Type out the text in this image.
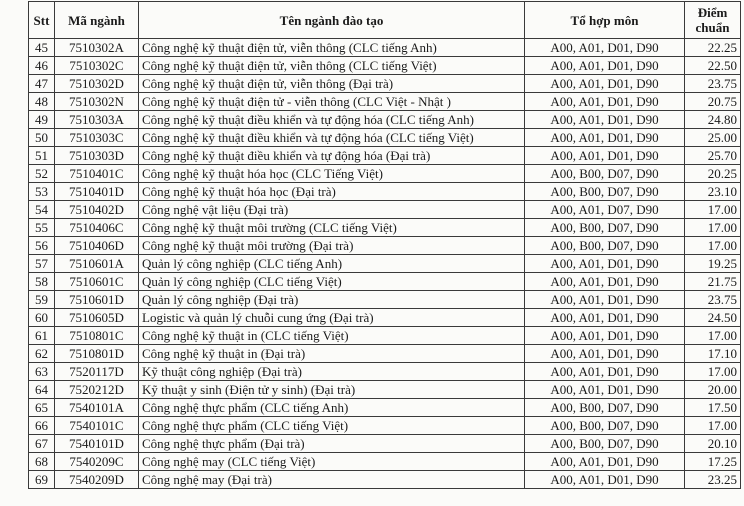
Stt	Mã ngành	Tên ngành đào tạo	Tổ hợp môn	Điểm chuẩn
45	7510302A	Công nghệ kỹ thuật điện tử, viễn thông (CLC tiếng Anh)	A00, A01, D01, D90	22.25
46	7510302C	Công nghệ kỹ thuật điện tử, viễn thông (CLC tiếng Việt)	A00, A01, D01, D90	22.50
47	7510302D	Công nghệ kỹ thuật điện tử, viễn thông (Đại trà)	A00, A01, D01, D90	23.75
48	7510302N	Công nghệ kỹ thuật điện tử - viễn thông (CLC Việt - Nhật )	A00, A01, D01, D90	20.75
49	7510303A	Công nghệ kỹ thuật điều khiển và tự động hóa (CLC tiếng Anh)	A00, A01, D01, D90	24.80
50	7510303C	Công nghệ kỹ thuật điều khiển và tự động hóa (CLC tiếng Việt)	A00, A01, D01, D90	25.00
51	7510303D	Công nghệ kỹ thuật điều khiển và tự động hóa (Đại trà)	A00, A01, D01, D90	25.70
52	7510401C	Công nghệ kỹ thuật hóa học (CLC Tiếng Việt)	A00, B00, D07, D90	20.25
53	7510401D	Công nghệ kỹ thuật hóa học (Đại trà)	A00, B00, D07, D90	23.10
54	7510402D	Công nghệ vật liệu (Đại trà)	A00, A01, D07, D90	17.00
55	7510406C	Công nghệ kỹ thuật môi trường (CLC tiếng Việt)	A00, B00, D07, D90	17.00
56	7510406D	Công nghệ kỹ thuật môi trường (Đại trà)	A00, B00, D07, D90	17.00
57	7510601A	Quản lý công nghiệp (CLC tiếng Anh)	A00, A01, D01, D90	19.25
58	7510601C	Quản lý công nghiệp (CLC tiếng Việt)	A00, A01, D01, D90	21.75
59	7510601D	Quản lý công nghiệp (Đại trà)	A00, A01, D01, D90	23.75
60	7510605D	Logistic và quản lý chuỗi cung ứng (Đại trà)	A00, A01, D01, D90	24.50
61	7510801C	Công nghệ kỹ thuật in (CLC tiếng Việt)	A00, A01, D01, D90	17.00
62	7510801D	Công nghệ kỹ thuật in (Đại trà)	A00, A01, D01, D90	17.10
63	7520117D	Kỹ thuật công nghiệp (Đại trà)	A00, A01, D01, D90	17.00
64	7520212D	Kỹ thuật y sinh (Điện tử y sinh) (Đại trà)	A00, A01, D01, D90	20.00
65	7540101A	Công nghệ thực phẩm (CLC tiếng Anh)	A00, B00, D07, D90	17.50
66	7540101C	Công nghệ thực phẩm (CLC tiếng Việt)	A00, B00, D07, D90	17.00
67	7540101D	Công nghệ thực phẩm (Đại trà)	A00, B00, D07, D90	20.10
68	7540209C	Công nghệ may (CLC tiếng Việt)	A00, A01, D01, D90	17.25
69	7540209D	Công nghệ may (Đại trà)	A00, A01, D01, D90	23.25
